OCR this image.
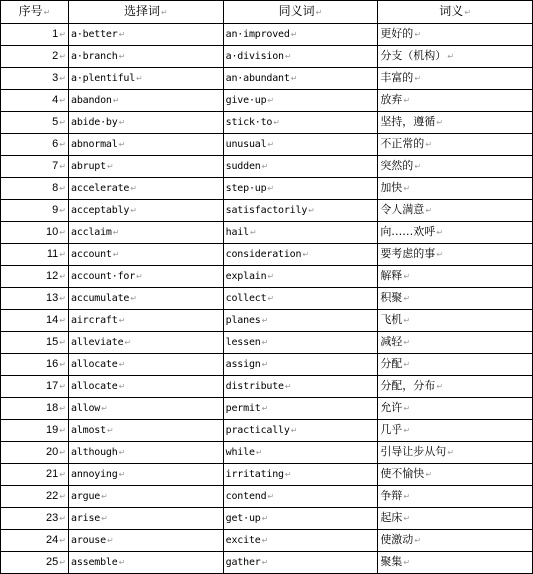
序号↵	选择词↵	同义词↵	词义↵
1↵	a·better↵	an·improved↵	更好的↵
2↵	a·branch↵	a·division↵	分支（机构）↵
3↵	a·plentiful↵	an·abundant↵	丰富的↵
4↵	abandon↵	give·up↵	放弃↵
5↵	abide·by↵	stick·to↵	坚持，遵循↵
6↵	abnormal↵	unusual↵	不正常的↵
7↵	abrupt↵	sudden↵	突然的↵
8↵	accelerate↵	step·up↵	加快↵
9↵	acceptably↵	satisfactorily↵	令人满意↵
10↵	acclaim↵	hail↵	向……欢呼↵
11↵	account↵	consideration↵	要考虑的事↵
12↵	account·for↵	explain↵	解释↵
13↵	accumulate↵	collect↵	积聚↵
14↵	aircraft↵	planes↵	飞机↵
15↵	alleviate↵	lessen↵	减轻↵
16↵	allocate↵	assign↵	分配↵
17↵	allocate↵	distribute↵	分配，分布↵
18↵	allow↵	permit↵	允许↵
19↵	almost↵	practically↵	几乎↵
20↵	although↵	while↵	引导让步从句↵
21↵	annoying↵	irritating↵	使不愉快↵
22↵	argue↵	contend↵	争辩↵
23↵	arise↵	get·up↵	起床↵
24↵	arouse↵	excite↵	使激动↵
25↵	assemble↵	gather↵	聚集↵
